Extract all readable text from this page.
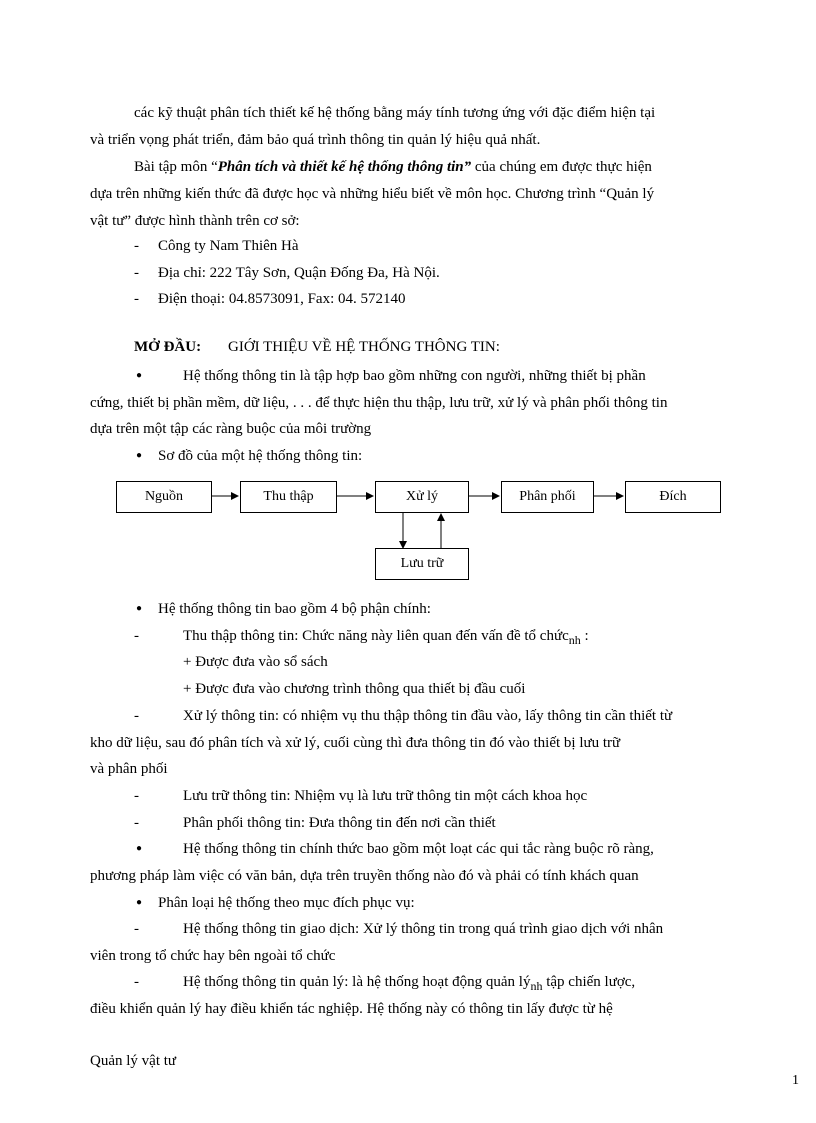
các kỹ thuật phân tích thiết kế hệ thống bằng máy tính tương ứng với đặc điểm hiện tại
và triển vọng phát triển, đảm bảo quá trình thông tin quản lý hiệu quả nhất.
Bài tập môn “Phân tích và thiết kế hệ thống thông tin” của chúng em được thực hiện
dựa trên những kiến thức đã được học và những hiểu biết về môn học. Chương trình “Quản lý
vật tư” được hình thành trên cơ sở:
- Công ty Nam Thiên Hà
- Địa chỉ: 222 Tây Sơn, Quận Đống Đa, Hà Nội.
- Điện thoại: 04.8573091, Fax: 04. 572140
MỞ ĐẦU: GIỚI THIỆU VỀ HỆ THỐNG THÔNG TIN:
●	Hệ thống thông tin là tập hợp bao gồm những con người, những thiết bị phần
cứng, thiết bị phần mềm, dữ liệu, . . . để thực hiện thu thập, lưu trữ, xử lý và phân phối thông tin
dựa trên một tập các ràng buộc của môi trường
● Sơ đồ của một hệ thống thông tin:
Nguồn	Thu thập	Xử lý	Phân phối	Đích
Lưu trữ
● Hệ thống thông tin bao gồm 4 bộ phận chính:
-	Thu thập thông tin: Chức năng này liên quan đến vấn đề tổ chức$_{nh}$ :
+ Được đưa vào sổ sách
+ Được đưa vào chương trình thông qua thiết bị đầu cuối
-	Xử lý thông tin: có nhiệm vụ thu thập thông tin đầu vào, lấy thông tin cần thiết từ
kho dữ liệu, sau đó phân tích và xử lý, cuối cùng thì đưa thông tin đó vào thiết bị lưu trữ
và phân phối
-	Lưu trữ thông tin: Nhiệm vụ là lưu trữ thông tin một cách khoa học
-	Phân phối thông tin: Đưa thông tin đến nơi cần thiết
●	Hệ thống thông tin chính thức bao gồm một loạt các qui tắc ràng buộc rõ ràng,
phương pháp làm việc có văn bản, dựa trên truyền thống nào đó và phải có tính khách quan
● Phân loại hệ thống theo mục đích phục vụ:
-	Hệ thống thông tin giao dịch: Xử lý thông tin trong quá trình giao dịch với nhân
viên trong tổ chức hay bên ngoài tổ chức
-	Hệ thống thông tin quản lý: là hệ thống hoạt động quản $lý_{nh}$ tập chiến lược,
điều khiển quản lý hay điều khiển tác nghiệp. Hệ thống này có thông tin lấy được từ hệ
Quản lý vật tư
1
